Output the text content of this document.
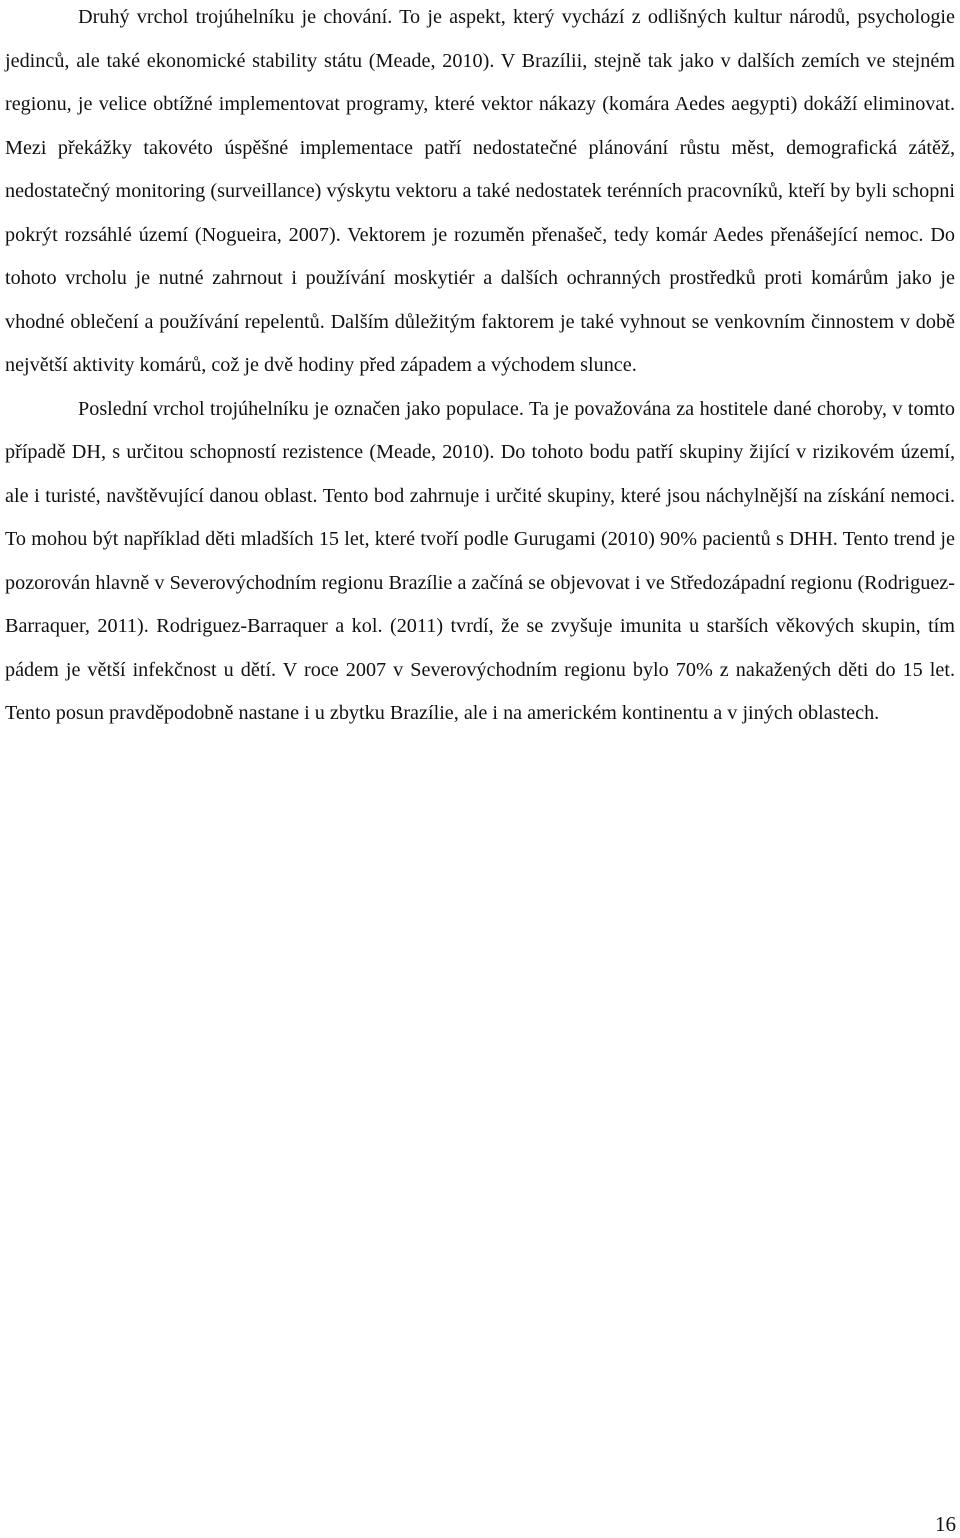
Druhý vrchol trojúhelníku je chování. To je aspekt, který vychází z odlišných kultur národů, psychologie jedinců, ale také ekonomické stability státu (Meade, 2010). V Brazílii, stejně tak jako v dalších zemích ve stejném regionu, je velice obtížné implementovat programy, které vektor nákazy (komára Aedes aegypti) dokáží eliminovat. Mezi překážky takovéto úspěšné implementace patří nedostatečné plánování růstu měst, demografická zátěž, nedostatečný monitoring (surveillance) výskytu vektoru a také nedostatek terénních pracovníků, kteří by byli schopni pokrýt rozsáhlé území (Nogueira, 2007). Vektorem je rozuměn přenašeč, tedy komár Aedes přenášející nemoc. Do tohoto vrcholu je nutné zahrnout i používání moskytiér a dalších ochranných prostředků proti komárům jako je vhodné oblečení a používání repelentů. Dalším důležitým faktorem je také vyhnout se venkovním činnostem v době největší aktivity komárů, což je dvě hodiny před západem a východem slunce.

Poslední vrchol trojúhelníku je označen jako populace. Ta je považována za hostitele dané choroby, v tomto případě DH, s určitou schopností rezistence (Meade, 2010). Do tohoto bodu patří skupiny žijící v rizikovém území, ale i turisté, navštěvující danou oblast. Tento bod zahrnuje i určité skupiny, které jsou náchylnější na získání nemoci. To mohou být například děti mladších 15 let, které tvoří podle Gurugami (2010) 90% pacientů s DHH. Tento trend je pozorován hlavně v Severovýchodním regionu Brazílie a začíná se objevovat i ve Středozápadní regionu (Rodriguez-Barraquer, 2011). Rodriguez-Barraquer a kol. (2011) tvrdí, že se zvyšuje imunita u starších věkových skupin, tím pádem je větší infekčnost u dětí. V roce 2007 v Severovýchodním regionu bylo 70% z nakažených děti do 15 let. Tento posun pravděpodobně nastane i u zbytku Brazílie, ale i na americkém kontinentu a v jiných oblastech.

16
